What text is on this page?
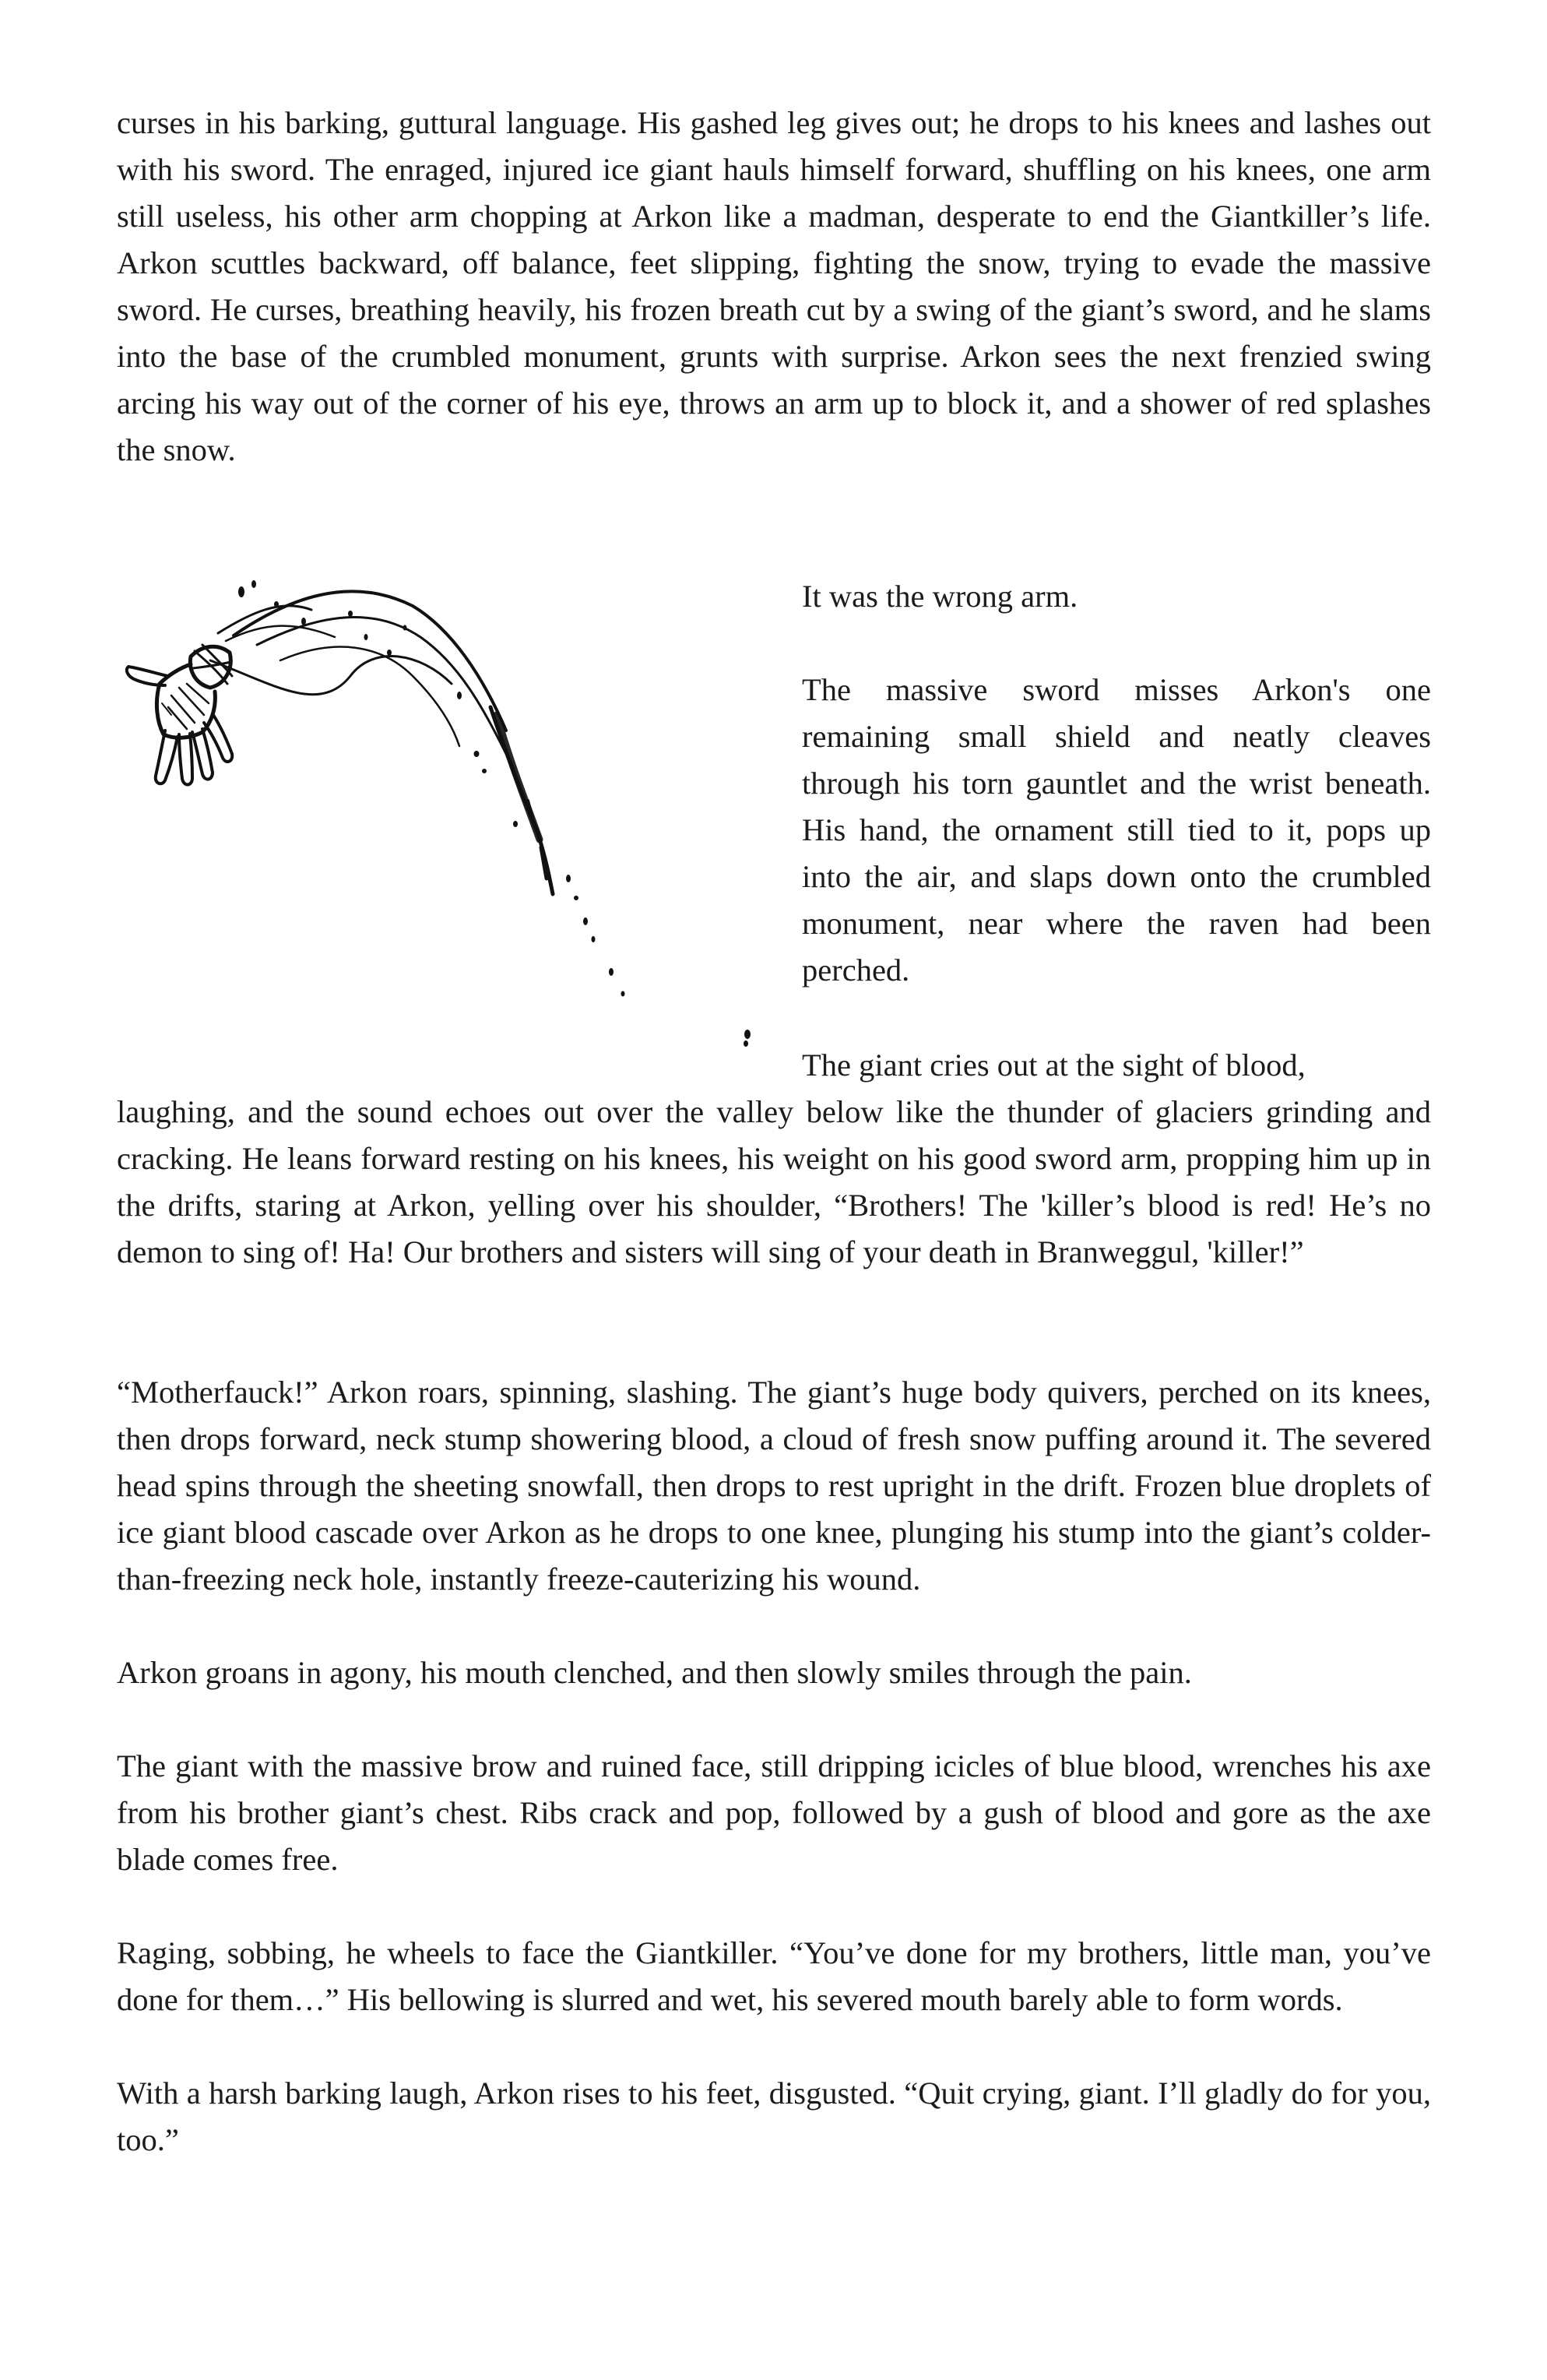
curses in his barking, guttural language. His gashed leg gives out; he drops to his knees and lashes out with his sword. The enraged, injured ice giant hauls himself forward, shuffling on his knees, one arm still useless, his other arm chopping at Arkon like a madman, desperate to end the Giantkiller’s life. Arkon scuttles backward, off balance, feet slipping, fighting the snow, trying to evade the massive sword. He curses, breathing heavily, his frozen breath cut by a swing of the giant’s sword, and he slams into the base of the crumbled monument, grunts with surprise. Arkon sees the next frenzied swing arcing his way out of the corner of his eye, throws an arm up to block it, and a shower of red splashes the snow.

It was the wrong arm.

The massive sword misses Arkon's one remaining small shield and neatly cleaves through his torn gauntlet and the wrist beneath. His hand, the ornament still tied to it, pops up into the air, and slaps down onto the crumbled monument, near where the raven had been perched.

The giant cries out at the sight of blood,
laughing, and the sound echoes out over the valley below like the thunder of glaciers grinding and cracking. He leans forward resting on his knees, his weight on his good sword arm, propping him up in the drifts, staring at Arkon, yelling over his shoulder, “Brothers! The 'killer’s blood is red! He’s no demon to sing of! Ha! Our brothers and sisters will sing of your death in Branweggul, 'killer!”

“Motherfauck!” Arkon roars, spinning, slashing. The giant’s huge body quivers, perched on its knees, then drops forward, neck stump showering blood, a cloud of fresh snow puffing around it. The severed head spins through the sheeting snowfall, then drops to rest upright in the drift. Frozen blue droplets of ice giant blood cascade over Arkon as he drops to one knee, plunging his stump into the giant’s colder-than-freezing neck hole, instantly freeze-cauterizing his wound.

Arkon groans in agony, his mouth clenched, and then slowly smiles through the pain.

The giant with the massive brow and ruined face, still dripping icicles of blue blood, wrenches his axe from his brother giant’s chest. Ribs crack and pop, followed by a gush of blood and gore as the axe blade comes free.

Raging, sobbing, he wheels to face the Giantkiller. “You’ve done for my brothers, little man, you’ve done for them…” His bellowing is slurred and wet, his severed mouth barely able to form words.

With a harsh barking laugh, Arkon rises to his feet, disgusted. “Quit crying, giant. I’ll gladly do for you, too.”
